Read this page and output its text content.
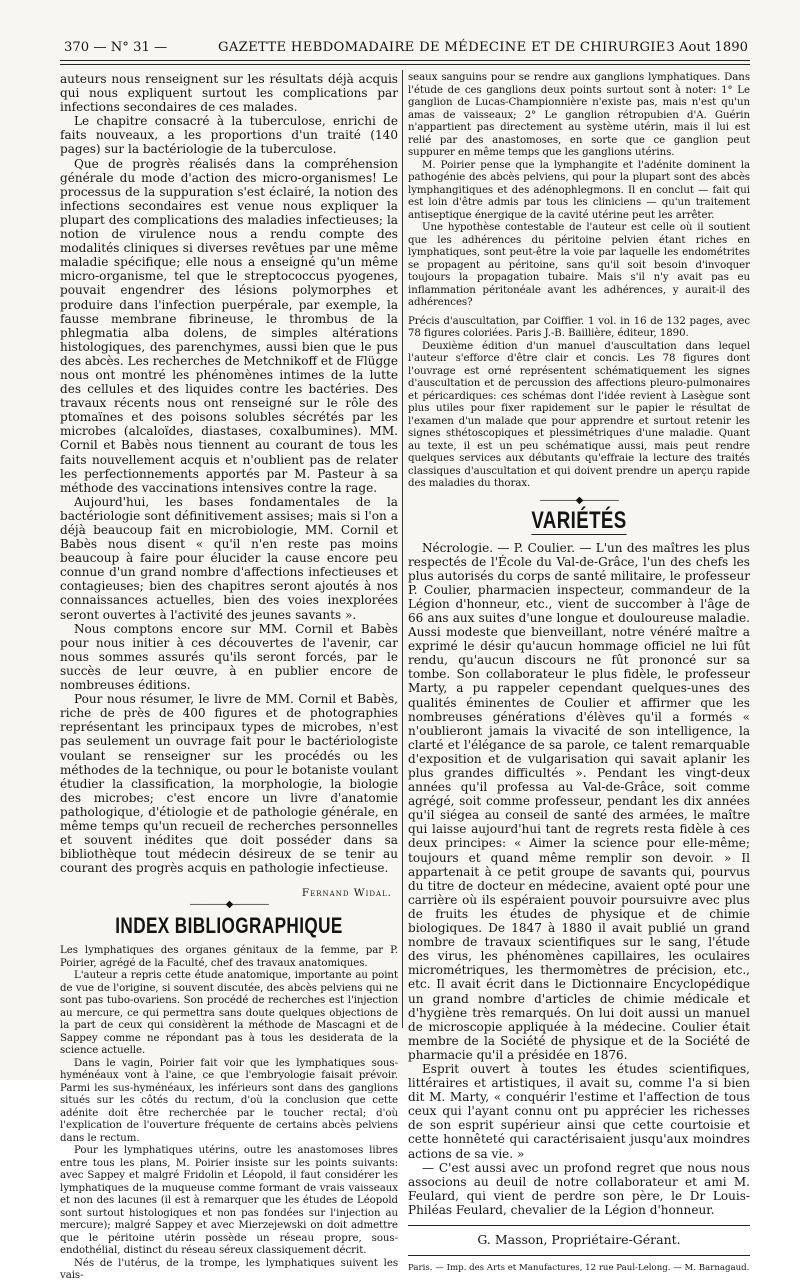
370 — N° 31 —	GAZETTE HEBDOMADAIRE DE MÉDECINE ET DE CHIRURGIE 3 Aout 1890

auteurs nous renseignent sur les résultats déjà acquis qui nous expliquent surtout les complications par infections secondaires de ces malades.

Le chapitre consacré à la tuberculose, enrichi de faits nouveaux, a les proportions d'un traité (140 pages) sur la bactériologie de la tuberculose.

Que de progrès réalisés dans la compréhension générale du mode d'action des micro-organismes! Le processus de la suppuration s'est éclairé, la notion des infections secondaires est venue nous expliquer la plupart des complications des maladies infectieuses; la notion de virulence nous a rendu compte des modalités cliniques si diverses revêtues par une même maladie spécifique; elle nous a enseigné qu'un même micro-organisme, tel que le streptococcus pyogenes, pouvait engendrer des lésions polymorphes et produire dans l'infection puerpérale, par exemple, la fausse membrane fibrineuse, le thrombus de la phlegmatia alba dolens, de simples altérations histologiques, des parenchymes, aussi bien que le pus des abcès. Les recherches de Metchnikoff et de Flügge nous ont montré les phénomènes intimes de la lutte des cellules et des liquides contre les bactéries. Des travaux récents nous ont renseigné sur le rôle des ptomaïnes et des poisons solubles sécrétés par les microbes (alcaloïdes, diastases, coxalbumines). MM. Cornil et Babès nous tiennent au courant de tous les faits nouvellement acquis et n'oublient pas de relater les perfectionnements apportés par M. Pasteur à sa méthode des vaccinations intensives contre la rage.

Aujourd'hui, les bases fondamentales de la bactériologie sont définitivement assises; mais si l'on a déjà beaucoup fait en microbiologie, MM. Cornil et Babès nous disent « qu'il n'en reste pas moins beaucoup à faire pour élucider la cause encore peu connue d'un grand nombre d'affections infectieuses et contagieuses; bien des chapitres seront ajoutés à nos connaissances actuelles, bien des voies inexplorées seront ouvertes à l'activité des jeunes savants ».

Nous comptons encore sur MM. Cornil et Babès pour nous initier à ces découvertes de l'avenir, car nous sommes assurés qu'ils seront forcés, par le succès de leur œuvre, à en publier encore de nombreuses éditions.

Pour nous résumer, le livre de MM. Cornil et Babès, riche de près de 400 figures et de photographies représentant les principaux types de microbes, n'est pas seulement un ouvrage fait pour le bactériologiste voulant se renseigner sur les procédés ou les méthodes de la technique, ou pour le botaniste voulant étudier la classification, la morphologie, la biologie des microbes; c'est encore un livre d'anatomie pathologique, d'étiologie et de pathologie générale, en même temps qu'un recueil de recherches personnelles et souvent inédites que doit posséder dans sa bibliothèque tout médecin désireux de se tenir au courant des progrès acquis en pathologie infectieuse.

Fernand Widal.
————◆————
INDEX BIBLIOGRAPHIQUE

Les lymphatiques des organes génitaux de la femme, par P. Poirier, agrégé de la Faculté, chef des travaux anatomiques.

L'auteur a repris cette étude anatomique, importante au point de vue de l'origine, si souvent discutée, des abcès pelviens qui ne sont pas tubo-ovariens. Son procédé de recherches est l'injection au mercure, ce qui permettra sans doute quelques objections de la part de ceux qui considèrent la méthode de Mascagni et de Sappey comme ne répondant pas à tous les desiderata de la science actuelle.

Dans le vagin, Poirier fait voir que les lymphatiques sous-hyménéaux vont à l'aine, ce que l'embryologie faisait prévoir. Parmi les sus-hyménéaux, les inférieurs sont dans des ganglions situés sur les côtés du rectum, d'où la conclusion que cette adénite doit être recherchée par le toucher rectal; d'où l'explication de l'ouverture fréquente de certains abcès pelviens dans le rectum.

Pour les lymphatiques utérins, outre les anastomoses libres entre tous les plans, M. Poirier insiste sur les points suivants: avec Sappey et malgré Fridolin et Léopold, il faut considérer les lymphatiques de la muqueuse comme formant de vrais vaisseaux et non des lacunes (il est à remarquer que les études de Léopold sont surtout histologiques et non pas fondées sur l'injection au mercure); malgré Sappey et avec Mierzejewski on doit admettre que le péritoine utérin possède un réseau propre, sous-endothélial, distinct du réseau séreux classiquement décrit.

Nés de l'utérus, de la trompe, les lymphatiques suivent les vais-

seaux sanguins pour se rendre aux ganglions lymphatiques. Dans l'étude de ces ganglions deux points surtout sont à noter: 1° Le ganglion de Lucas-Championnière n'existe pas, mais n'est qu'un amas de vaisseaux; 2° Le ganglion rétropubien d'A. Guérin n'appartient pas directement au système utérin, mais il lui est relié par des anastomoses, en sorte que ce ganglion peut suppurer en même temps que les ganglions utérins.

M. Poirier pense que la lymphangite et l'adénite dominent la pathogénie des abcès pelviens, qui pour la plupart sont des abcès lymphangitiques et des adénophlegmons. Il en conclut — fait qui est loin d'être admis par tous les cliniciens — qu'un traitement antiseptique énergique de la cavité utérine peut les arrêter.

Une hypothèse contestable de l'auteur est celle où il soutient que les adhérences du péritoine pelvien étant riches en lymphatiques, sont peut-être la voie par laquelle les endométrites se propagent au péritoine, sans qu'il soit besoin d'invoquer toujours la propagation tubaire. Mais s'il n'y avait pas eu inflammation péritonéale avant les adhérences, y aurait-il des adhérences?

Précis d'auscultation, par Coiffier. 1 vol. in 16 de 132 pages, avec 78 figures coloriées. Paris J.-B. Baillière, éditeur, 1890.

Deuxième édition d'un manuel d'auscultation dans lequel l'auteur s'efforce d'être clair et concis. Les 78 figures dont l'ouvrage est orné représentent schématiquement les signes d'auscultation et de percussion des affections pleuro-pulmonaires et péricardiques: ces schémas dont l'idée revient à Lasègue sont plus utiles pour fixer rapidement sur le papier le résultat de l'examen d'un malade que pour apprendre et surtout retenir les signes sthétoscopiques et plessimétriques d'une maladie. Quant au texte, il est un peu schématique aussi, mais peut rendre quelques services aux débutants qu'effraie la lecture des traités classiques d'auscultation et qui doivent prendre un aperçu rapide des maladies du thorax.

————◆————
VARIÉTÉS

Nécrologie. — P. Coulier. — L'un des maîtres les plus respectés de l'École du Val-de-Grâce, l'un des chefs les plus autorisés du corps de santé militaire, le professeur P. Coulier, pharmacien inspecteur, commandeur de la Légion d'honneur, etc., vient de succomber à l'âge de 66 ans aux suites d'une longue et douloureuse maladie. Aussi modeste que bienveillant, notre vénéré maître a exprimé le désir qu'aucun hommage officiel ne lui fût rendu, qu'aucun discours ne fût prononcé sur sa tombe. Son collaborateur le plus fidèle, le professeur Marty, a pu rappeler cependant quelques-unes des qualités éminentes de Coulier et affirmer que les nombreuses générations d'élèves qu'il a formés « n'oublieront jamais la vivacité de son intelligence, la clarté et l'élégance de sa parole, ce talent remarquable d'exposition et de vulgarisation qui savait aplanir les plus grandes difficultés ». Pendant les vingt-deux années qu'il professa au Val-de-Grâce, soit comme agrégé, soit comme professeur, pendant les dix années qu'il siégea au conseil de santé des armées, le maître qui laisse aujourd'hui tant de regrets resta fidèle à ces deux principes: « Aimer la science pour elle-même; toujours et quand même remplir son devoir. » Il appartenait à ce petit groupe de savants qui, pourvus du titre de docteur en médecine, avaient opté pour une carrière où ils espéraient pouvoir poursuivre avec plus de fruits les études de physique et de chimie biologiques. De 1847 à 1880 il avait publié un grand nombre de travaux scientifiques sur le sang, l'étude des virus, les phénomènes capillaires, les oculaires micrométriques, les thermomètres de précision, etc., etc. Il avait écrit dans le Dictionnaire Encyclopédique un grand nombre d'articles de chimie médicale et d'hygiène très remarqués. On lui doit aussi un manuel de microscopie appliquée à la médecine. Coulier était membre de la Société de physique et de la Société de pharmacie qu'il a présidée en 1876.

Esprit ouvert à toutes les études scientifiques, littéraires et artistiques, il avait su, comme l'a si bien dit M. Marty, « conquérir l'estime et l'affection de tous ceux qui l'ayant connu ont pu apprécier les richesses de son esprit supérieur ainsi que cette courtoisie et cette honnêteté qui caractérisaient jusqu'aux moindres actions de sa vie. »

— C'est aussi avec un profond regret que nous nous associons au deuil de notre collaborateur et ami M. Feulard, qui vient de perdre son père, le Dr Louis-Philéas Feulard, chevalier de la Légion d'honneur.

G. Masson, Propriétaire-Gérant.
Paris. — Imp. des Arts et Manufactures, 12 rue Paul-Lelong. — M. Barnagaud.
